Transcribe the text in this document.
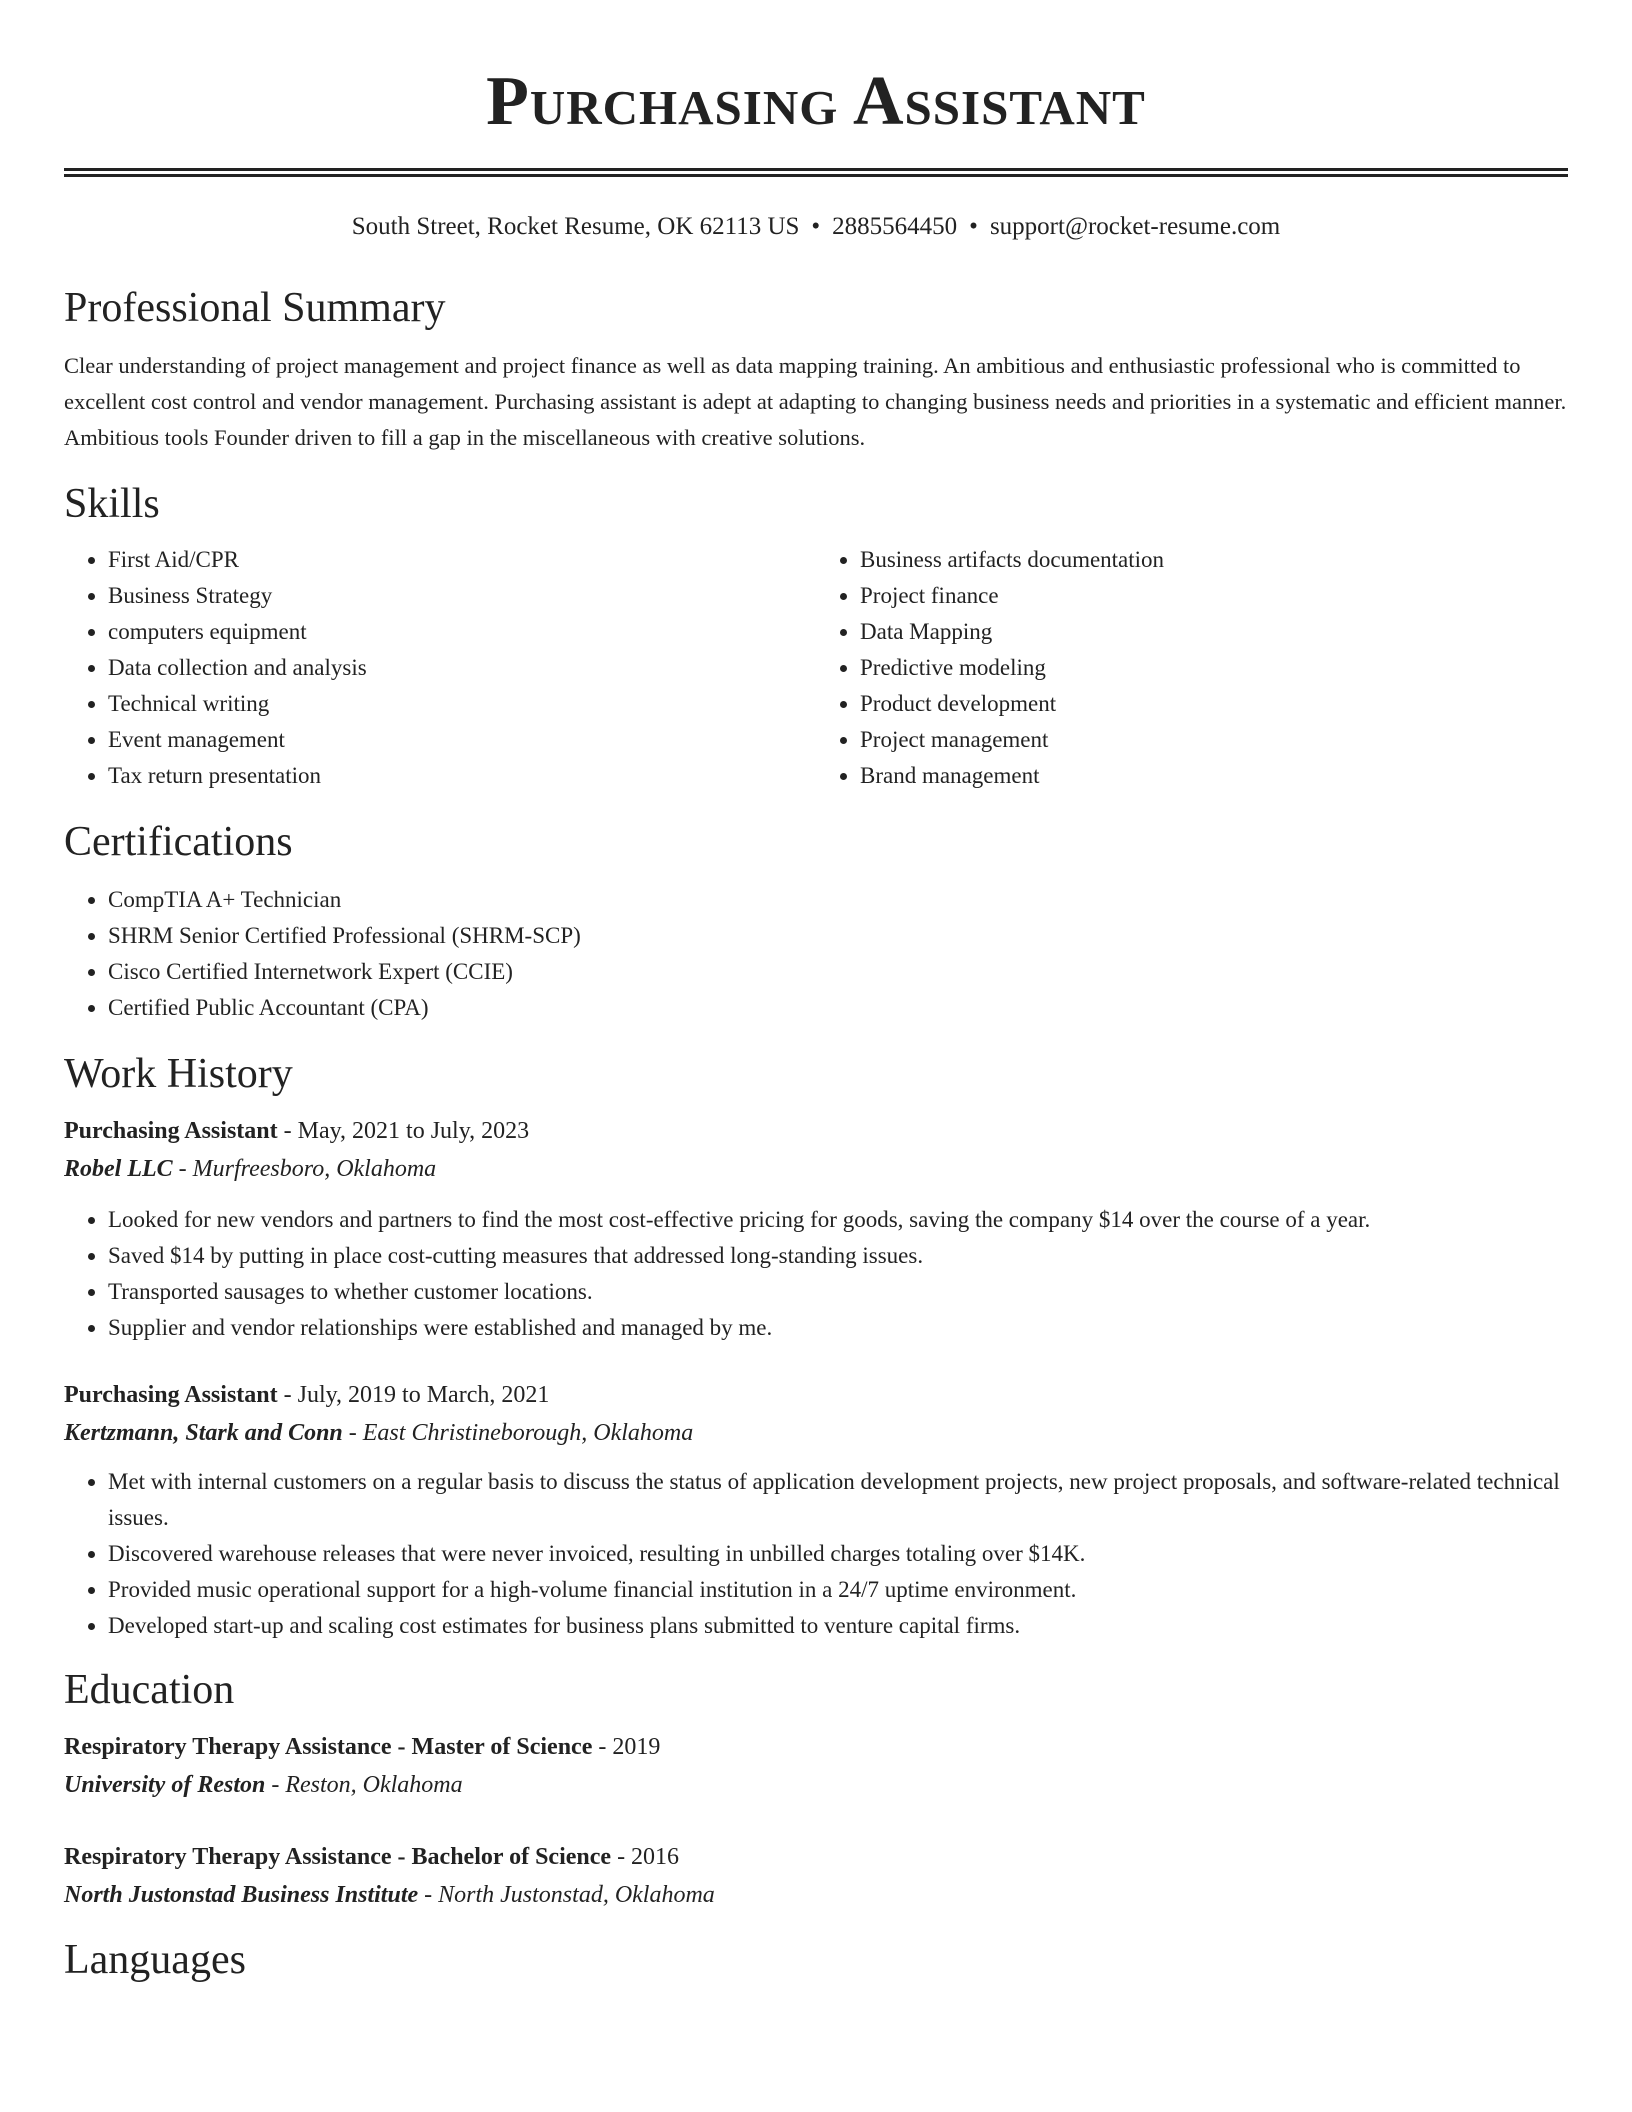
Purchasing Assistant
South Street, Rocket Resume, OK 62113 US • 2885564450 • support@rocket-resume.com
Professional Summary

Clear understanding of project management and project finance as well as data mapping training. An ambitious and enthusiastic professional who is committed to excellent cost control and vendor management. Purchasing assistant is adept at adapting to changing business needs and priorities in a systematic and efficient manner. Ambitious tools Founder driven to fill a gap in the miscellaneous with creative solutions.

Skills
• First Aid/CPR
• Business Strategy
• computers equipment
• Data collection and analysis
• Technical writing
• Event management
• Tax return presentation
• Business artifacts documentation
• Project finance
• Data Mapping
• Predictive modeling
• Product development
• Project management
• Brand management
Certifications
• CompTIA A+ Technician
• SHRM Senior Certified Professional (SHRM-SCP)
• Cisco Certified Internetwork Expert (CCIE)
• Certified Public Accountant (CPA)
Work History
Purchasing Assistant - May, 2021 to July, 2023
Robel LLC - Murfreesboro, Oklahoma
• Looked for new vendors and partners to find the most cost-effective pricing for goods, saving the company $14 over the course of a year.
• Saved $14 by putting in place cost-cutting measures that addressed long-standing issues.
• Transported sausages to whether customer locations.
• Supplier and vendor relationships were established and managed by me.
Purchasing Assistant - July, 2019 to March, 2021
Kertzmann, Stark and Conn - East Christineborough, Oklahoma
• Met with internal customers on a regular basis to discuss the status of application development projects, new project proposals, and software-related technical issues.
• Discovered warehouse releases that were never invoiced, resulting in unbilled charges totaling over $14K.
• Provided music operational support for a high-volume financial institution in a 24/7 uptime environment.
• Developed start-up and scaling cost estimates for business plans submitted to venture capital firms.
Education
Respiratory Therapy Assistance - Master of Science - 2019
University of Reston - Reston, Oklahoma
Respiratory Therapy Assistance - Bachelor of Science - 2016
North Justonstad Business Institute - North Justonstad, Oklahoma
Languages
